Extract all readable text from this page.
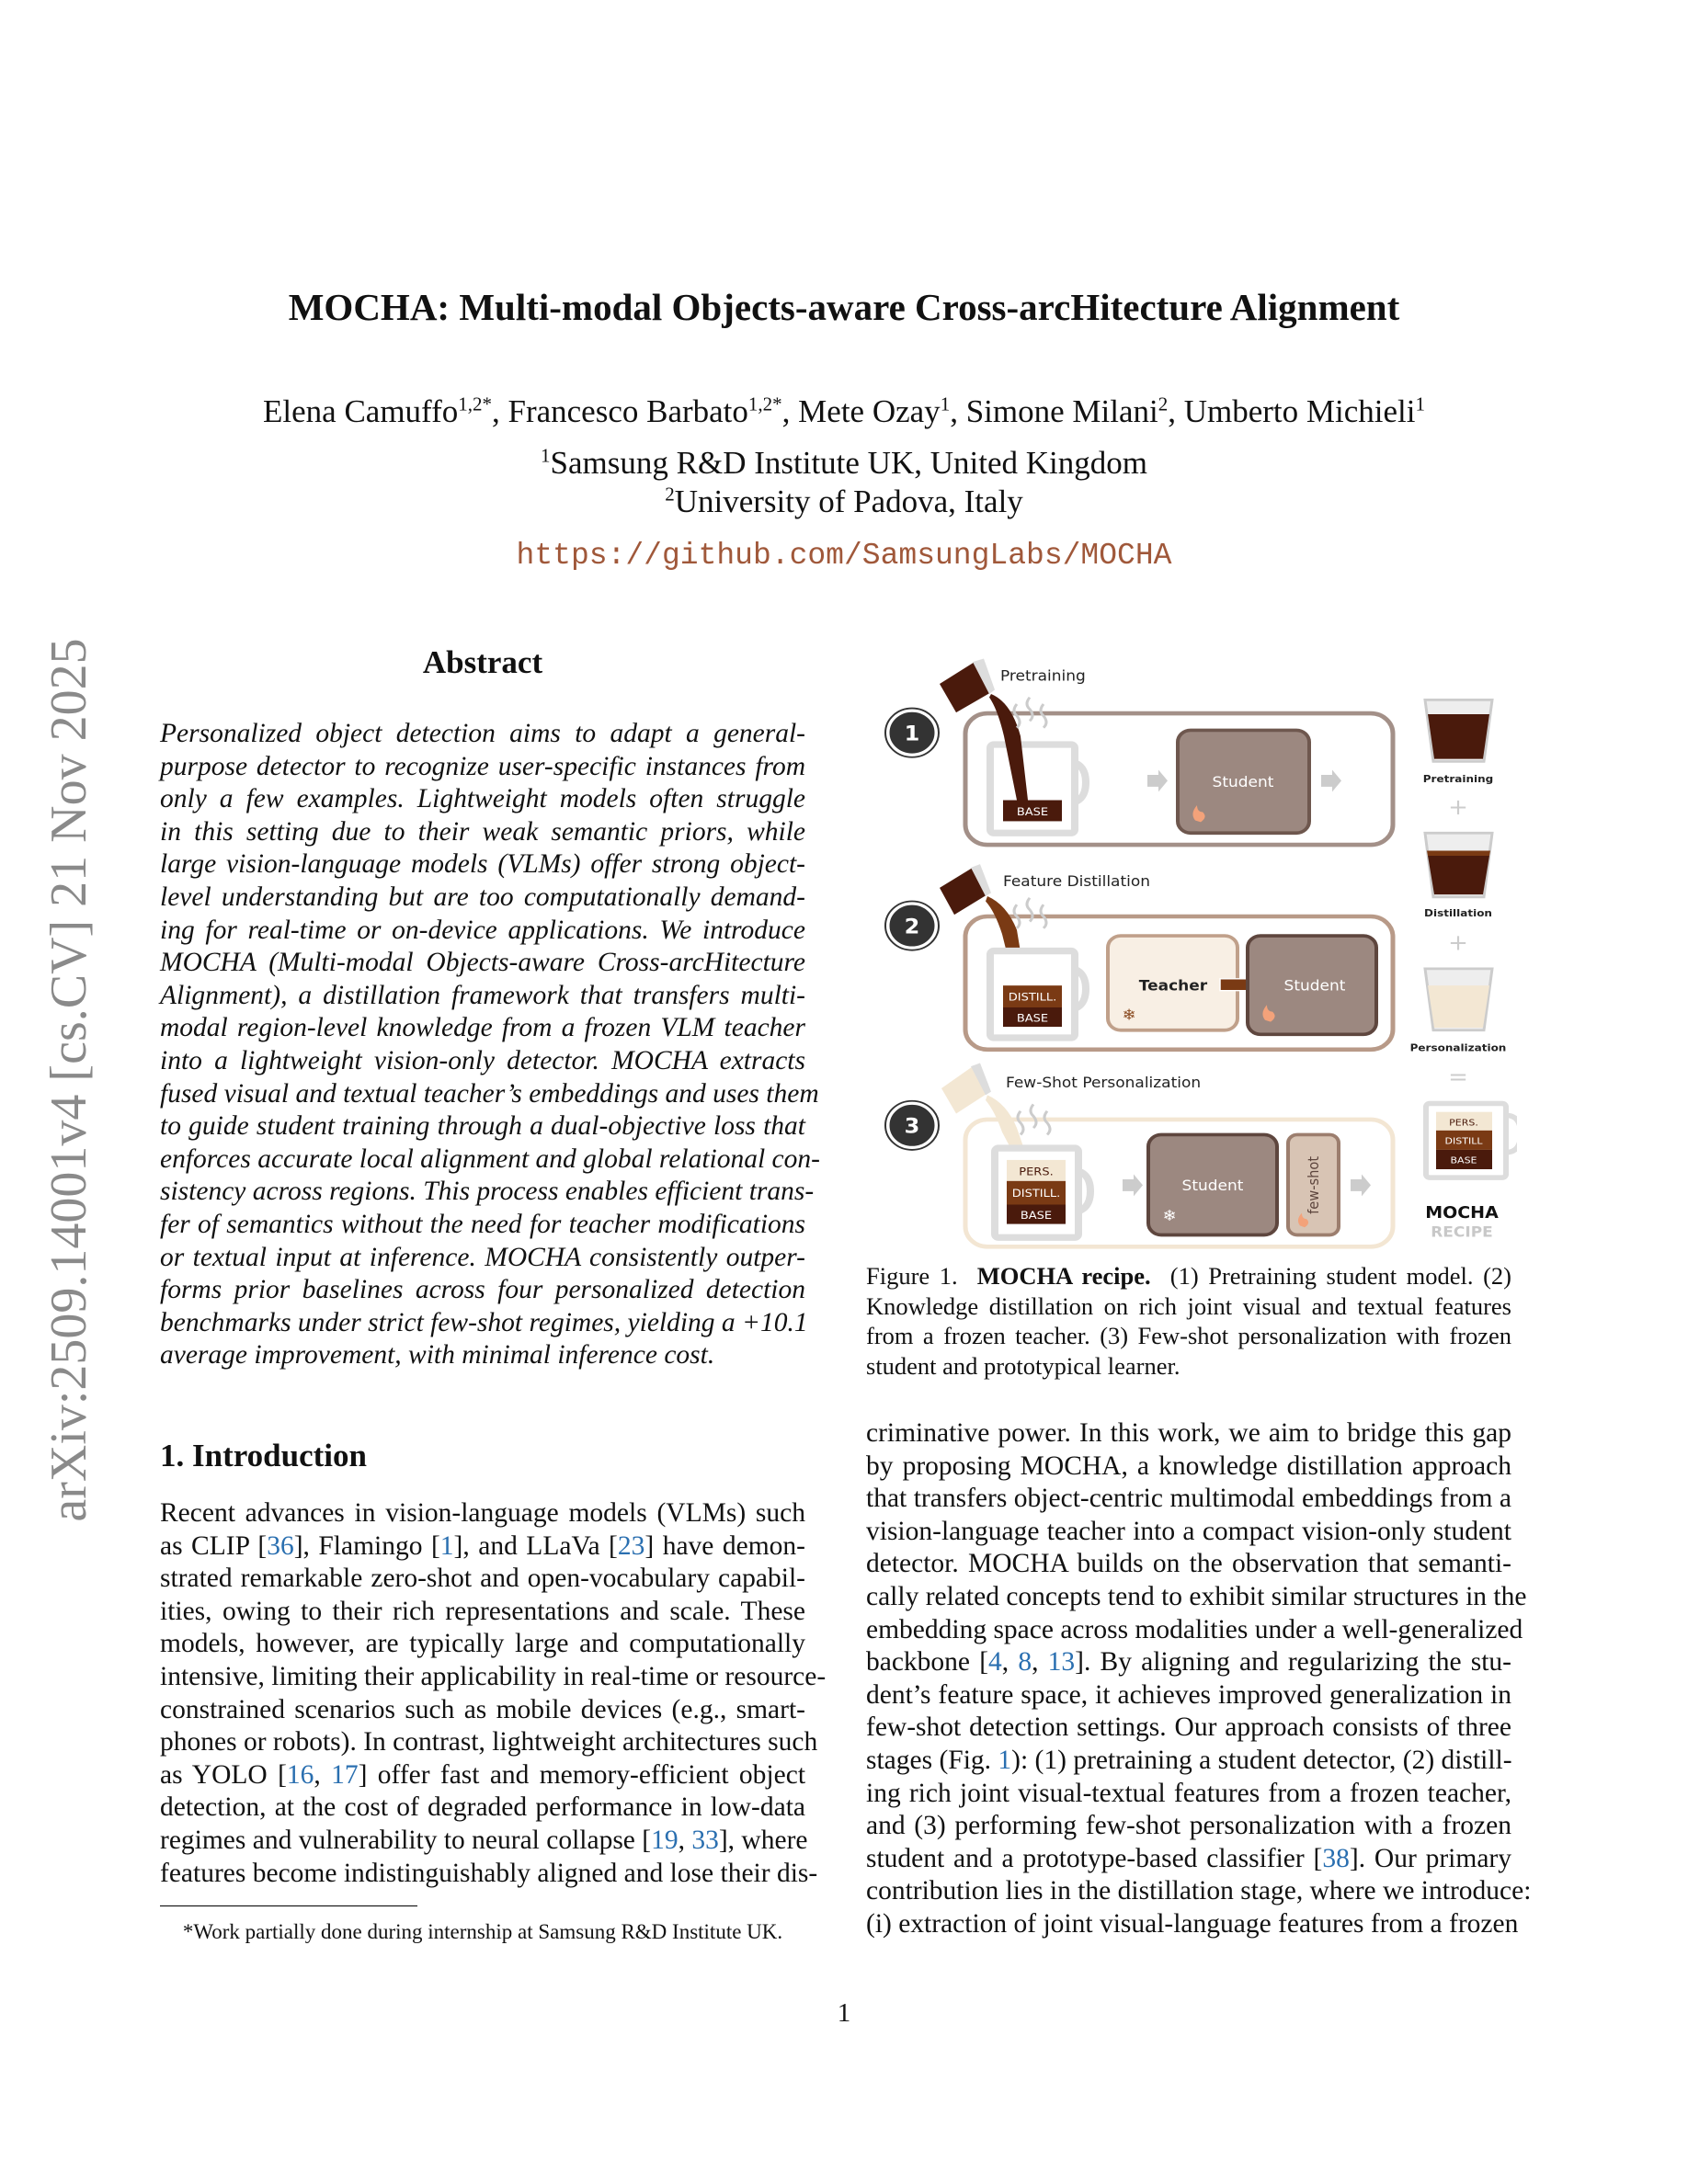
MOCHA: Multi-modal Objects-aware Cross-arcHitecture Alignment
Elena Camuffo$^{1,2*}$, Francesco Barbato$^{1,2*}$, Mete Ozay$^1$, Simone Milani$^2$, Umberto Michieli$^1$
$^1$Samsung R&D Institute UK, United Kingdom
$^2$University of Padova, Italy
https://github.com/SamsungLabs/MOCHA
arXiv:2509.14001v4 [cs.CV] 21 Nov 2025	Abstract
Personalized object detection aims to adapt a general-
purpose detector to recognize user-specific instances from
only a few examples. Lightweight models often struggle
in this setting due to their weak semantic priors, while
large vision-language models (VLMs) offer strong object-
level understanding but are too computationally demand-
ing for real-time or on-device applications. We introduce
MOCHA (Multi-modal Objects-aware Cross-arcHitecture
Alignment), a distillation framework that transfers multi-
modal region-level knowledge from a frozen VLM teacher
into a lightweight vision-only detector. MOCHA extracts
fused visual and textual teacher’s embeddings and uses them
to guide student training through a dual-objective loss that
enforces accurate local alignment and global relational con-
sistency across regions. This process enables efficient trans-
fer of semantics without the need for teacher modifications
or textual input at inference. MOCHA consistently outper-
forms prior baselines across four personalized detection
benchmarks under strict few-shot regimes, yielding a +10.1
average improvement, with minimal inference cost.
1. Introduction
Recent advances in vision-language models (VLMs) such
as CLIP [36], Flamingo [1], and LLaVa [23] have demon-
strated remarkable zero-shot and open-vocabulary capabil-
ities, owing to their rich representations and scale. These
models, however, are typically large and computationally
intensive, limiting their applicability in real-time or resource-
constrained scenarios such as mobile devices (e.g., smart-
phones or robots). In contrast, lightweight architectures such
as YOLO [16, 17] offer fast and memory-efficient object
detection, at the cost of degraded performance in low-data
regimes and vulnerability to neural collapse [19, 33], where
features become indistinguishably aligned and lose their dis-
*Work partially done during internship at Samsung R&D Institute UK.
1
Pretraining
BASE
Student
2
Feature Distillation
DISTILL.
BASE
Teacher
❄
Student
3
Few-Shot Personalization
PERS.
DISTILL.
BASE
Student
❄
few-shot
Pretraining
+
Distillation
+
Personalization
=
PERS.
DISTILL
BASE
MOCHA
RECIPE
Figure 1. MOCHA recipe. (1) Pretraining student model. (2)
Knowledge distillation on rich joint visual and textual features
from a frozen teacher. (3) Few-shot personalization with frozen
student and prototypical learner.
criminative power. In this work, we aim to bridge this gap
by proposing MOCHA, a knowledge distillation approach
that transfers object-centric multimodal embeddings from a
vision-language teacher into a compact vision-only student
detector. MOCHA builds on the observation that semanti-
cally related concepts tend to exhibit similar structures in the
embedding space across modalities under a well-generalized
backbone [4, 8, 13]. By aligning and regularizing the stu-
dent’s feature space, it achieves improved generalization in
few-shot detection settings. Our approach consists of three
stages (Fig. 1): (1) pretraining a student detector, (2) distill-
ing rich joint visual-textual features from a frozen teacher,
and (3) performing few-shot personalization with a frozen
student and a prototype-based classifier [38]. Our primary
contribution lies in the distillation stage, where we introduce:
(i) extraction of joint visual-language features from a frozen
1
